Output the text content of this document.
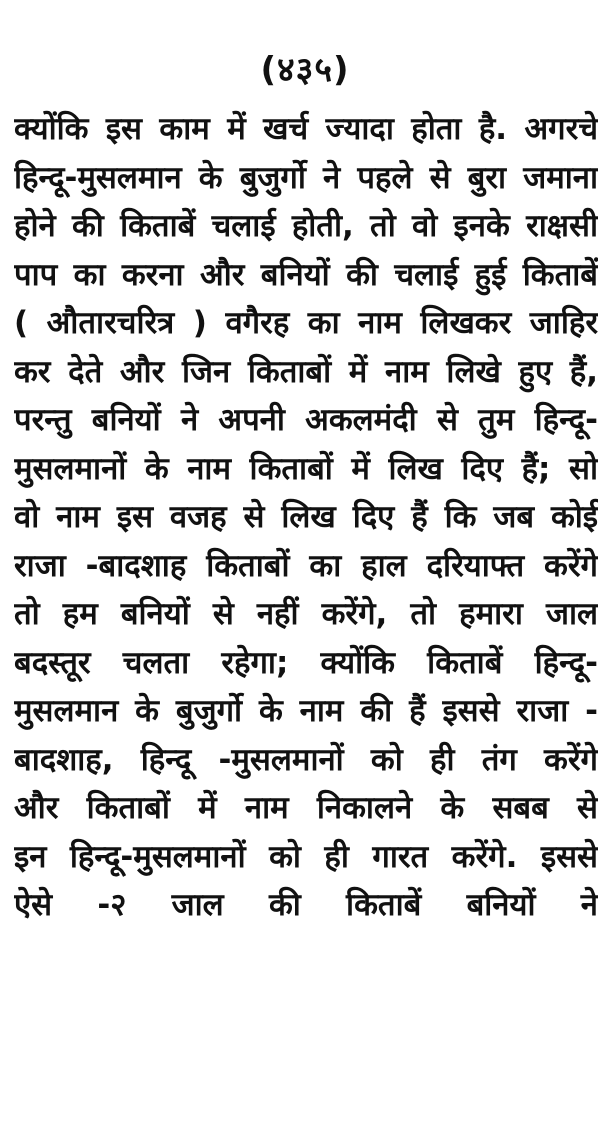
(४३५)
क्योंकि इस काम में खर्च ज्यादा होता है. अगरचे
हिन्दू-मुसलमान के बुजुर्गो ने पहले से बुरा जमाना
होने की किताबें चलाई होती, तो वो इनके राक्षसी
पाप का करना और बनियों की चलाई हुई किताबें
( औतारचरित्र ) वगैरह का नाम लिखकर जाहिर
कर देते और जिन किताबों में नाम लिखे हुए हैं,
परन्तु बनियों ने अपनी अकलमंदी से तुम हिन्दू-
मुसलमानों के नाम किताबों में लिख दिए हैं; सो
वो नाम इस वजह से लिख दिए हैं कि जब कोई
राजा -बादशाह किताबों का हाल दरियाफ्त करेंगे
तो हम बनियों से नहीं करेंगे, तो हमारा जाल
बदस्तूर चलता रहेगा; क्योंकि किताबें हिन्दू-
मुसलमान के बुजुर्गो के नाम की हैं इससे राजा -
बादशाह, हिन्दू -मुसलमानों को ही तंग करेंगे
और किताबों में नाम निकालने के सबब से
इन हिन्दू-मुसलमानों को ही गारत करेंगे. इससे
ऐसे -२ जाल की किताबें बनियों ने
